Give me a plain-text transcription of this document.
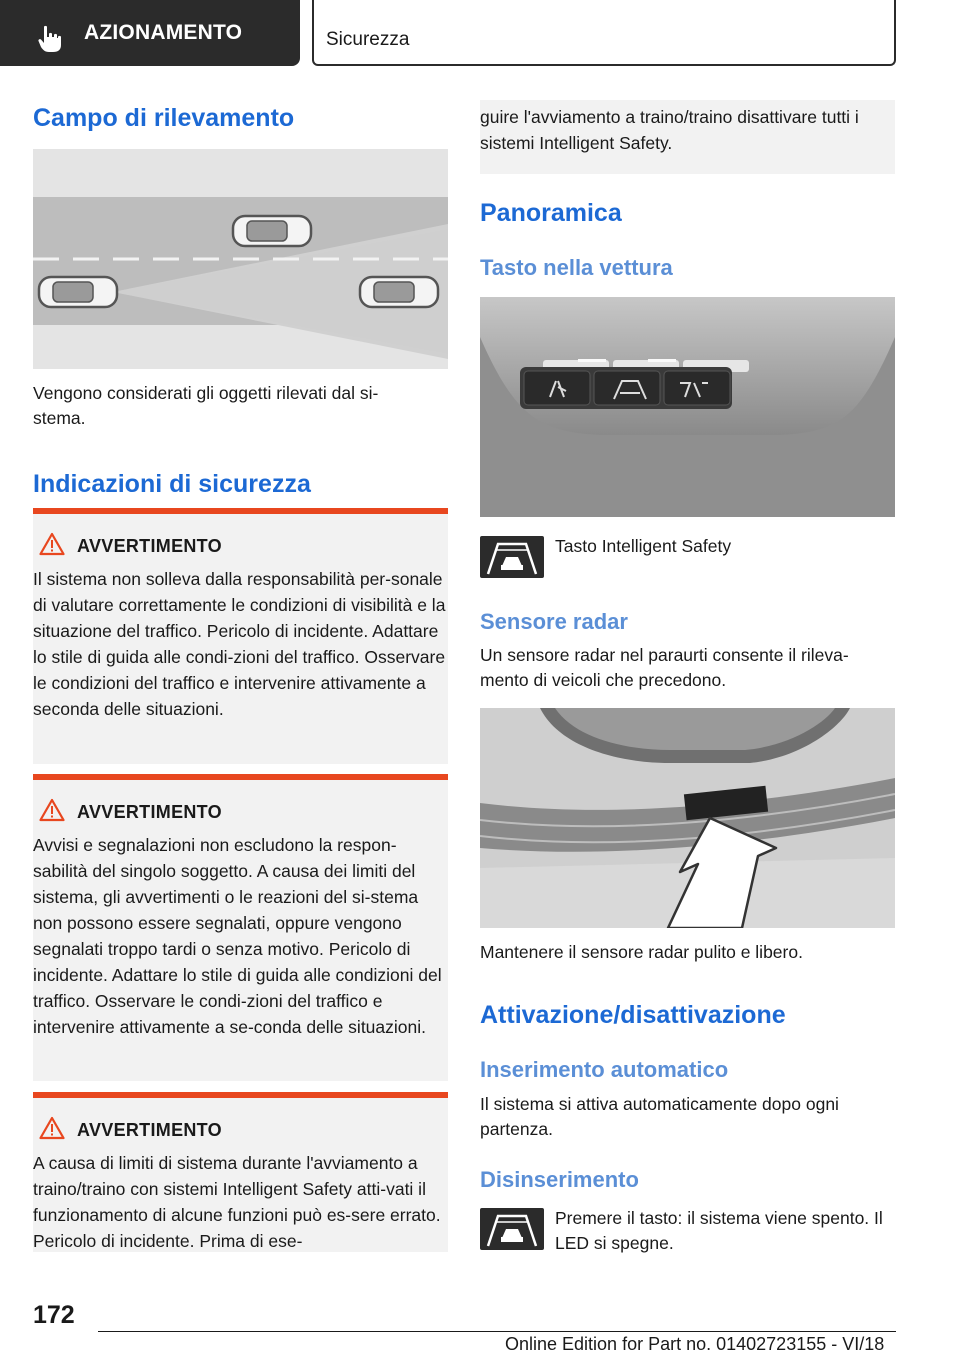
AZIONAMENTO	Sicurezza
Campo di rilevamento
Vengono considerati gli oggetti rilevati dal si-stema.
Indicazioni di sicurezza
AVVERTIMENTO
Il sistema non solleva dalla responsabilità per-sonale di valutare correttamente le condizioni di visibilità e la situazione del traffico. Pericolo di incidente. Adattare lo stile di guida alle condi-zioni del traffico. Osservare le condizioni del traffico e intervenire attivamente a seconda delle situazioni.
AVVERTIMENTO
Avvisi e segnalazioni non escludono la respon-sabilità del singolo soggetto. A causa dei limiti del sistema, gli avvertimenti o le reazioni del si-stema non possono essere segnalati, oppure vengono segnalati troppo tardi o senza motivo. Pericolo di incidente. Adattare lo stile di guida alle condizioni del traffico. Osservare le condi-zioni del traffico e intervenire attivamente a se-conda delle situazioni.
AVVERTIMENTO
A causa di limiti di sistema durante l'avviamento a traino/traino con sistemi Intelligent Safety atti-vati il funzionamento di alcune funzioni può es-sere errato. Pericolo di incidente. Prima di ese-
guire l'avviamento a traino/traino disattivare tutti i sistemi Intelligent Safety.
Panoramica
Tasto nella vettura
Tasto Intelligent Safety
Sensore radar
Un sensore radar nel paraurti consente il rileva-mento di veicoli che precedono.
Mantenere il sensore radar pulito e libero.
Attivazione/disattivazione
Inserimento automatico
Il sistema si attiva automaticamente dopo ogni partenza.
Disinserimento
Premere il tasto: il sistema viene spento. Il LED si spegne.
172
Online Edition for Part no. 01402723155 - VI/18
